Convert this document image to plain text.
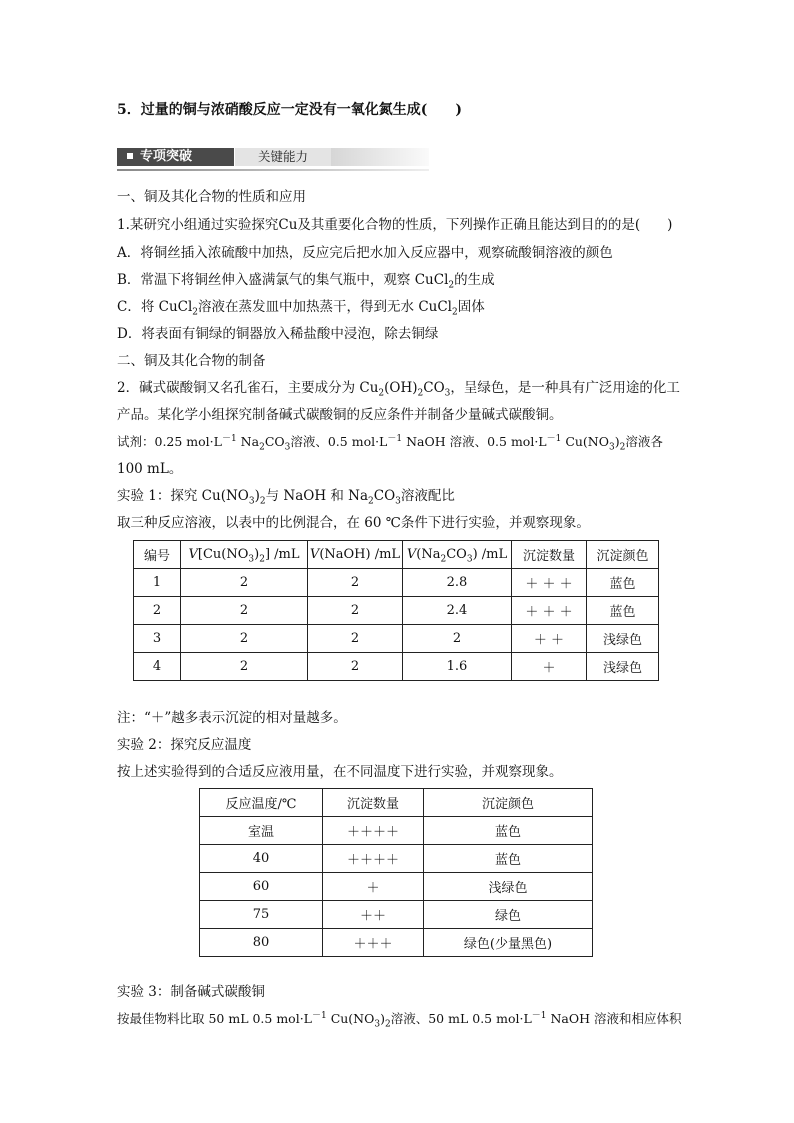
5．过量的铜与浓硝酸反应一定没有一氧化氮生成(　　)

专项突破	关键能力

一、铜及其化合物的性质和应用

1.某研究小组通过实验探究Cu及其重要化合物的性质，下列操作正确且能达到目的的是(　　)

A．将铜丝插入浓硫酸中加热，反应完后把水加入反应器中，观察硫酸铜溶液的颜色

B．常温下将铜丝伸入盛满氯气的集气瓶中，观察 CuCl$_2$的生成

C．将 CuCl$_2$溶液在蒸发皿中加热蒸干，得到无水 CuCl$_2$固体

D．将表面有铜绿的铜器放入稀盐酸中浸泡，除去铜绿

二、铜及其化合物的制备

2．碱式碳酸铜又名孔雀石，主要成分为 $Cu_2(OH)_2CO_3$，呈绿色，是一种具有广泛用途的化工

产品。某化学小组探究制备碱式碳酸铜的反应条件并制备少量碱式碳酸铜。

试剂：0.25 $mol\cdot L^{-1}$ $Na_2CO_3$溶液、0.5 $mol\cdot L^{-1}$ NaOH 溶液、0.5 $mol\cdot L^{-1}$ $Cu(NO_3)_2$溶液各

100 mL。

实验 1：探究 $Cu(NO_3)_2$与 NaOH 和 $Na_2CO_3$溶液配比

取三种反应溶液，以表中的比例混合，在 60 ℃条件下进行实验，并观察现象。

编号	$V[Cu(NO_3)_2]$ /mL	V(NaOH) /mL	$V(Na_2CO_3)$ /mL	沉淀数量	沉淀颜色
1	2	2	2.8	＋ ＋ ＋	蓝色
2	2	2	2.4	＋ ＋ ＋	蓝色
3	2	2	2	＋ ＋	浅绿色
4	2	2	1.6	＋	浅绿色

注：“＋”越多表示沉淀的相对量越多。

实验 2：探究反应温度

按上述实验得到的合适反应液用量，在不同温度下进行实验，并观察现象。

反应温度/℃	沉淀数量	沉淀颜色
室温	＋＋＋＋	蓝色
40	＋＋＋＋	蓝色
60	＋	浅绿色
75	＋＋	绿色
80	＋＋＋	绿色(少量黑色)

实验 3：制备碱式碳酸铜

按最佳物料比取 50 mL 0.5 $mol\cdot L^{-1}$ $Cu(NO_3)_2$溶液、50 mL 0.5 $mol\cdot L^{-1}$ NaOH 溶液和相应体积
